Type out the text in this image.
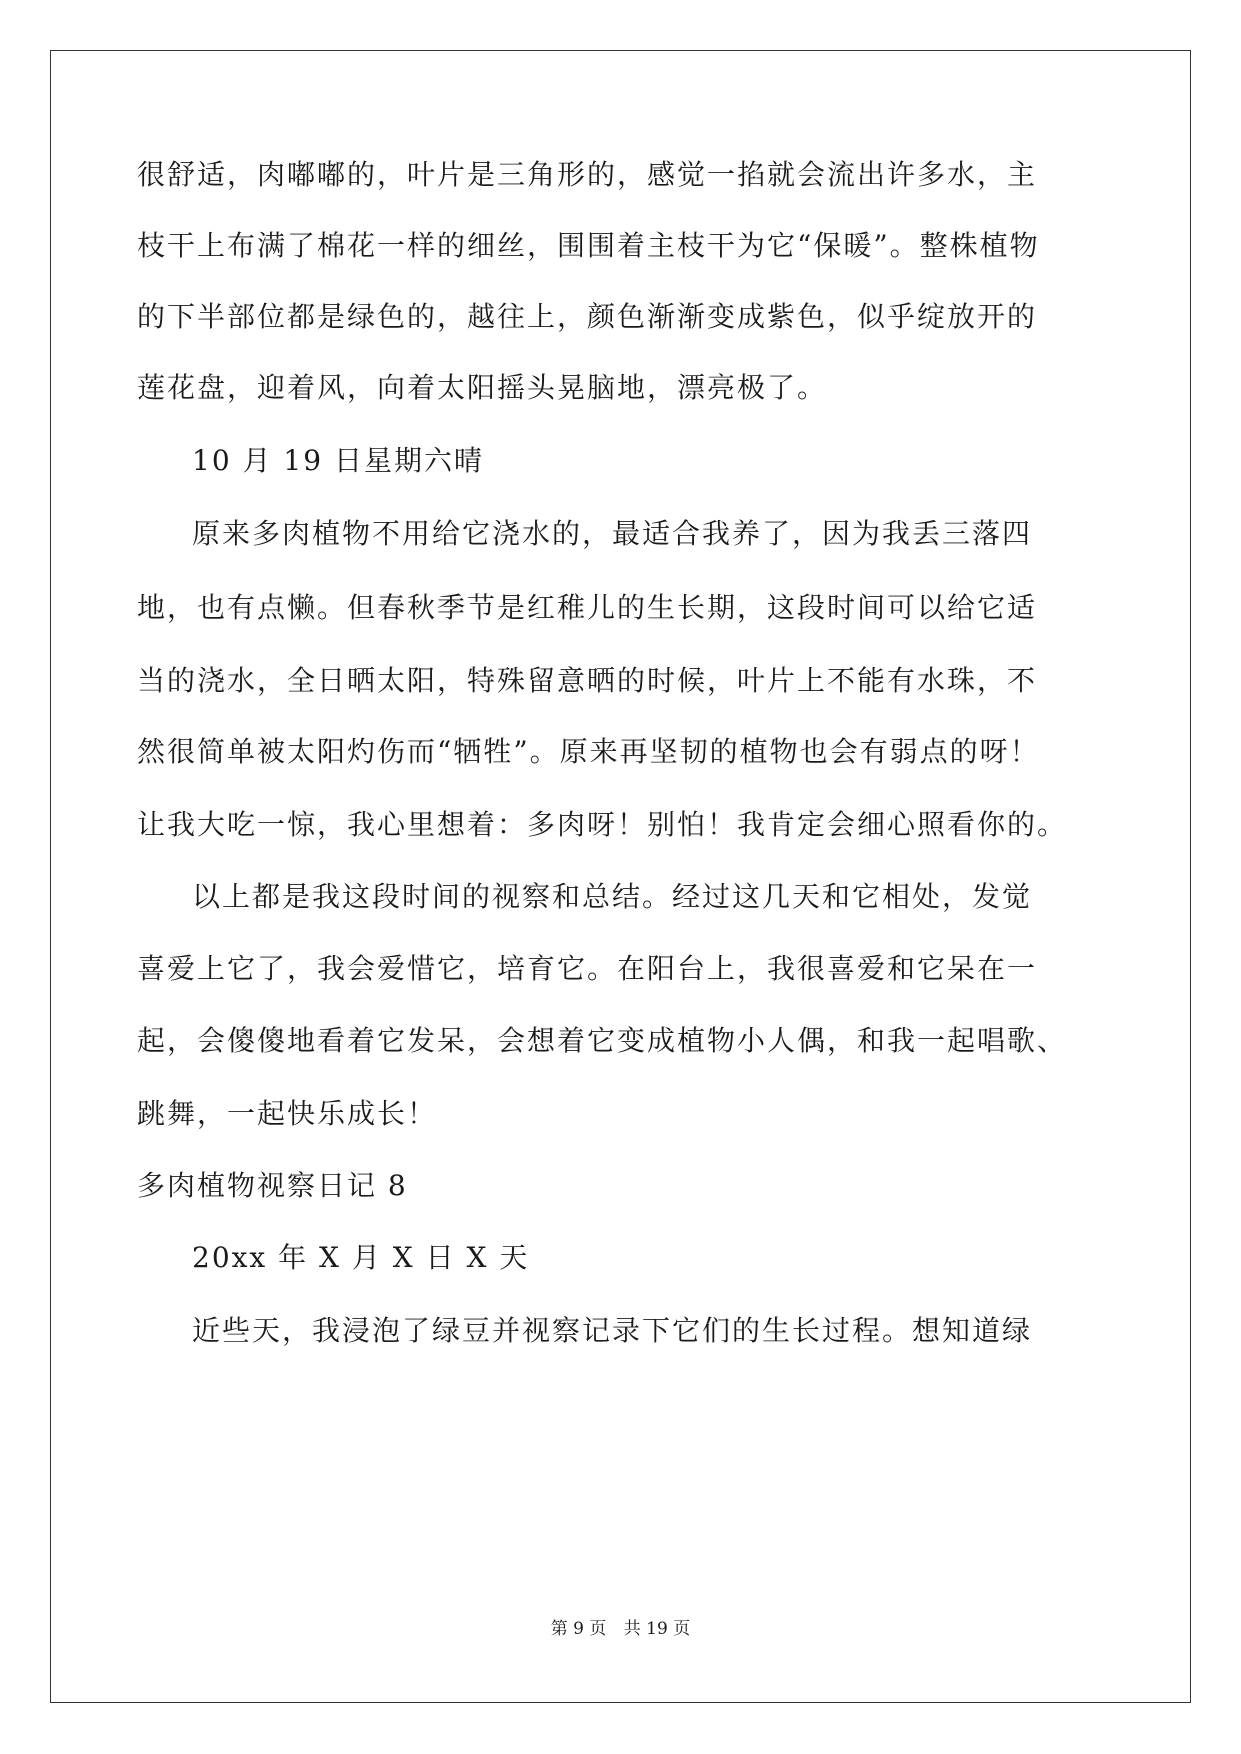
很舒适，肉嘟嘟的，叶片是三角形的，感觉一掐就会流出许多水，主
枝干上布满了棉花一样的细丝，围围着主枝干为它“保暖”。整株植物
的下半部位都是绿色的，越往上，颜色渐渐变成紫色，似乎绽放开的
莲花盘，迎着风，向着太阳摇头晃脑地，漂亮极了。
10 月 19 日星期六晴
原来多肉植物不用给它浇水的，最适合我养了，因为我丢三落四
地，也有点懒。但春秋季节是红稚儿的生长期，这段时间可以给它适
当的浇水，全日晒太阳，特殊留意晒的时候，叶片上不能有水珠，不
然很简单被太阳灼伤而“牺牲”。原来再坚韧的植物也会有弱点的呀！
让我大吃一惊，我心里想着：多肉呀！别怕！我肯定会细心照看你的。
以上都是我这段时间的视察和总结。经过这几天和它相处，发觉
喜爱上它了，我会爱惜它，培育它。在阳台上，我很喜爱和它呆在一
起，会傻傻地看着它发呆，会想着它变成植物小人偶，和我一起唱歌、
跳舞，一起快乐成长！
多肉植物视察日记 8
20xx 年 X 月 X 日 X 天
近些天，我浸泡了绿豆并视察记录下它们的生长过程。想知道绿
第 9 页 共 19 页
